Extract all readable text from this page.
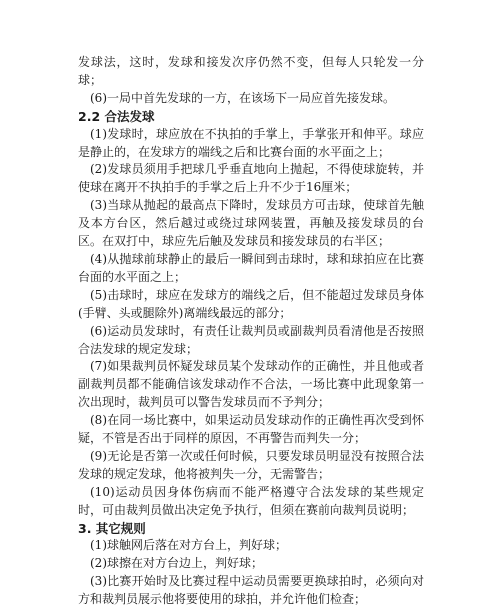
发球法，这时，发球和接发次序仍然不变，但每人只轮发一分球；

(6)一局中首先发球的一方，在该场下一局应首先接发球。

2.2 合法发球

(1)发球时，球应放在不执拍的手掌上，手掌张开和伸平。球应是静止的，在发球方的端线之后和比赛台面的水平面之上；

(2)发球员须用手把球几乎垂直地向上抛起，不得使球旋转，并使球在离开不执拍手的手掌之后上升不少于16厘米；

(3)当球从抛起的最高点下降时，发球员方可击球，使球首先触及本方台区，然后越过或绕过球网装置，再触及接发球员的台区。在双打中，球应先后触及发球员和接发球员的右半区；

(4)从抛球前球静止的最后一瞬间到击球时，球和球拍应在比赛台面的水平面之上；

(5)击球时，球应在发球方的端线之后，但不能超过发球员身体(手臂、头或腿除外)离端线最远的部分；

(6)运动员发球时，有责任让裁判员或副裁判员看清他是否按照合法发球的规定发球；

(7)如果裁判员怀疑发球员某个发球动作的正确性，并且他或者副裁判员都不能确信该发球动作不合法，一场比赛中此现象第一次出现时，裁判员可以警告发球员而不予判分；

(8)在同一场比赛中，如果运动员发球动作的正确性再次受到怀疑，不管是否出于同样的原因，不再警告而判失一分；

(9)无论是否第一次或任何时候，只要发球员明显没有按照合法发球的规定发球，他将被判失一分，无需警告；

(10)运动员因身体伤病而不能严格遵守合法发球的某些规定时，可由裁判员做出决定免予执行，但须在赛前向裁判员说明；

3. 其它规则

(1)球触网后落在对方台上，判好球；

(2)球擦在对方台边上，判好球；

(3)比赛开始时及比赛过程中运动员需要更换球拍时，必须向对方和裁判员展示他将要使用的球拍，并允许他们检查；
